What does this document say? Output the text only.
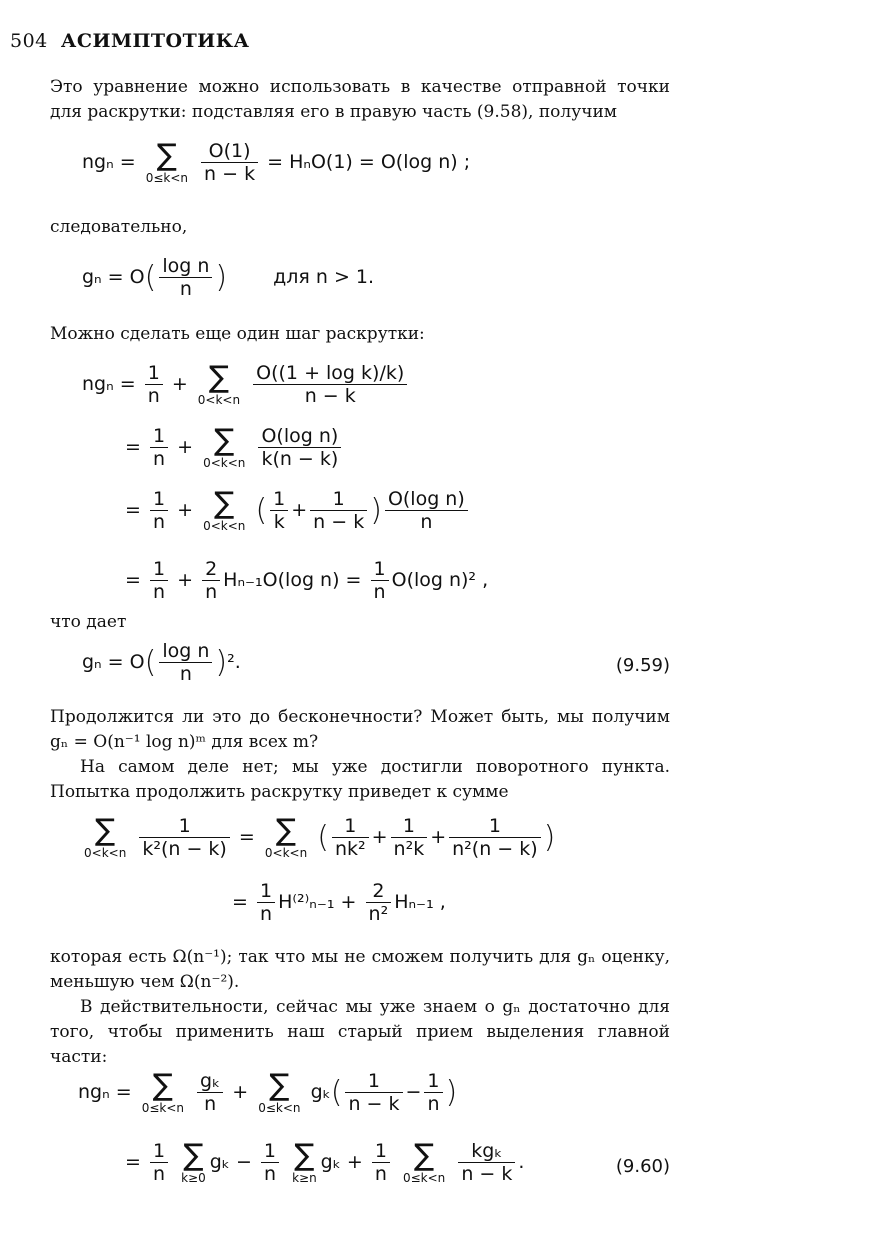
504 АСИМПТОТИКА
Это уравнение можно использовать в качестве отправной точки для раскрутки: подставляя его в правую часть (9.58), получим
ngₙ = ∑
0≤k<n
$\frac{O(1)}{n - k} = H_nO(1) = O(\log$ n) ;
следовательно,
$g_n = O( \frac{\text{log n}}{n}$ ) для n > 1.
Можно сделать еще один шаг раскрутки:
$ng_n = \frac{1}{n}$ + ∑
0<k<n
$\frac{\text{O((1 + log k)/k)}}{n - k}$
= $\frac{1}{n}$ + ∑
0<k<n
$\frac{\text{O(log n)}}{k(n - k)}$
= $\frac{1}{n}$ + ∑
0<k<n ( $\frac{1}{k} + \frac{1}{n - k}$ ) $\frac{\text{O(log n)}}{n}$
= $\frac{1}{n} + \frac{2}{n} H_{n-1}O(\log$ $n) = \frac{1}{n} O(\log$ n)² ,
что дает
$g_n = O( \frac{\text{log n}}{n} )^2$.	(9.59)
Продолжится ли это до бесконечности? Может быть, мы получим gₙ = O(n⁻¹ log n)ᵐ для всех m?
На самом деле нет; мы уже достигли поворотного пункта. Попытка продолжить раскрутку приведет к сумме
∑
0<k<n
$\frac{1}{\text{k²(n − k)}}$ = ∑
0<k<n ( $\frac{1}{\text{nk²}} + \frac{1}{\text{n²k}} + \frac{1}{\text{n²(n − k)}}$ )
= $\frac{1}{n} H^{(2)}_{n-1} + \frac{2}{\text{n²}} H_{n-1}$ ,
которая есть Ω(n⁻¹); так что мы не сможем получить для gₙ оценку, меньшую чем Ω(n⁻²).
В действительности, сейчас мы уже знаем о gₙ достаточно для того, чтобы применить наш старый прием выделения главной части:
ngₙ = ∑
0≤k<n
$\frac{\text{gₖ}}{n}$ + ∑
0≤k<n
$g_k( \frac{1}{n - k} - \frac{1}{n}$ )
= $\frac{1}{n}$
∑
k≥0
$g_k - \frac{1}{n}$
∑
k≥n
$g_k + \frac{1}{n}$
∑
0≤k<n
$\frac{\text{kgₖ}}{n - k}$ .	(9.60)
